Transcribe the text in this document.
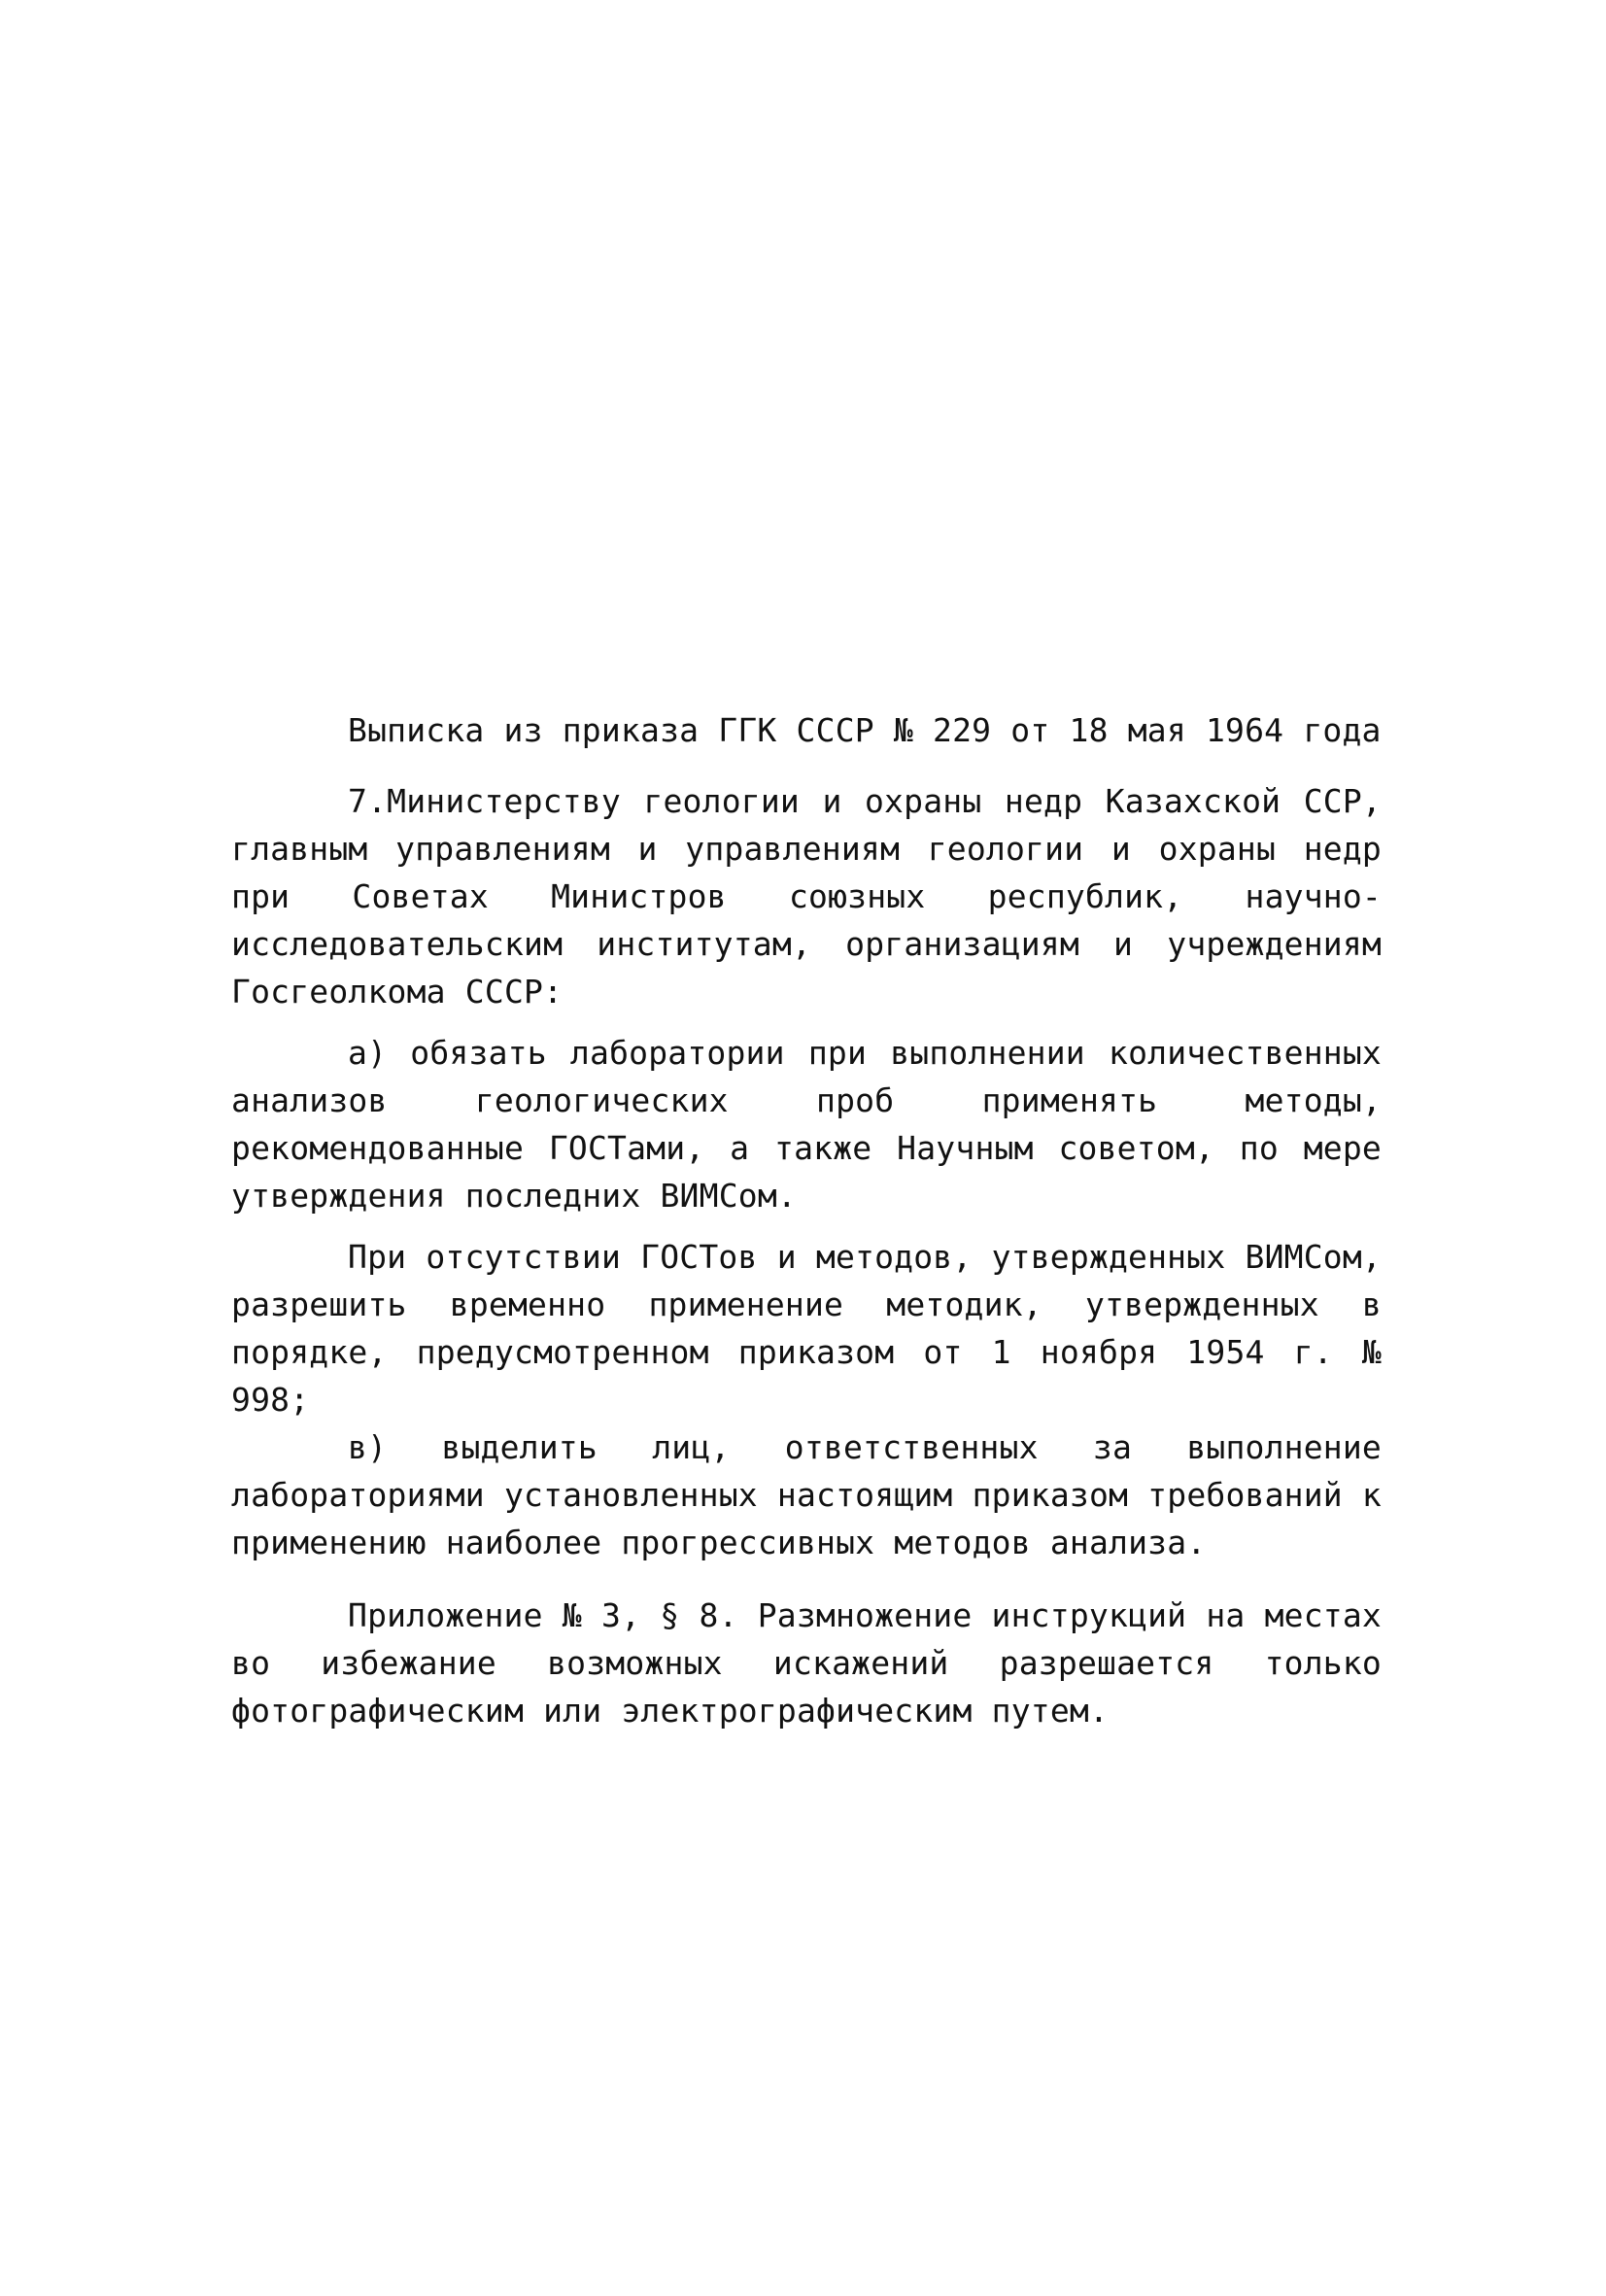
Выписка из приказа ГГК СССР № 229 от 18 мая 1964 года

7.Министерству геологии и охраны недр Казахской ССР, главным управлениям и управлениям геологии и охраны недр при Советах Министров союзных республик, научно-исследовательским институтам, организациям и учреждениям Госгеолкома СССР:

а) обязать лаборатории при выполнении количественных анализов геологических проб применять методы, рекомендованные ГОСТами, а также Научным советом, по мере утверждения последних ВИМСом.

При отсутствии ГОСТов и методов, утвержденных ВИМСом, разрешить временно применение методик, утвержденных в порядке, предусмотренном приказом от 1 ноября 1954 г. № 998;

в) выделить лиц, ответственных за выполнение лабораториями установленных настоящим приказом требований к применению наиболее прогрессивных методов анализа.

Приложение № 3, § 8. Размножение инструкций на местах во избежание возможных искажений разрешается только фотографическим или электрографическим путем.
